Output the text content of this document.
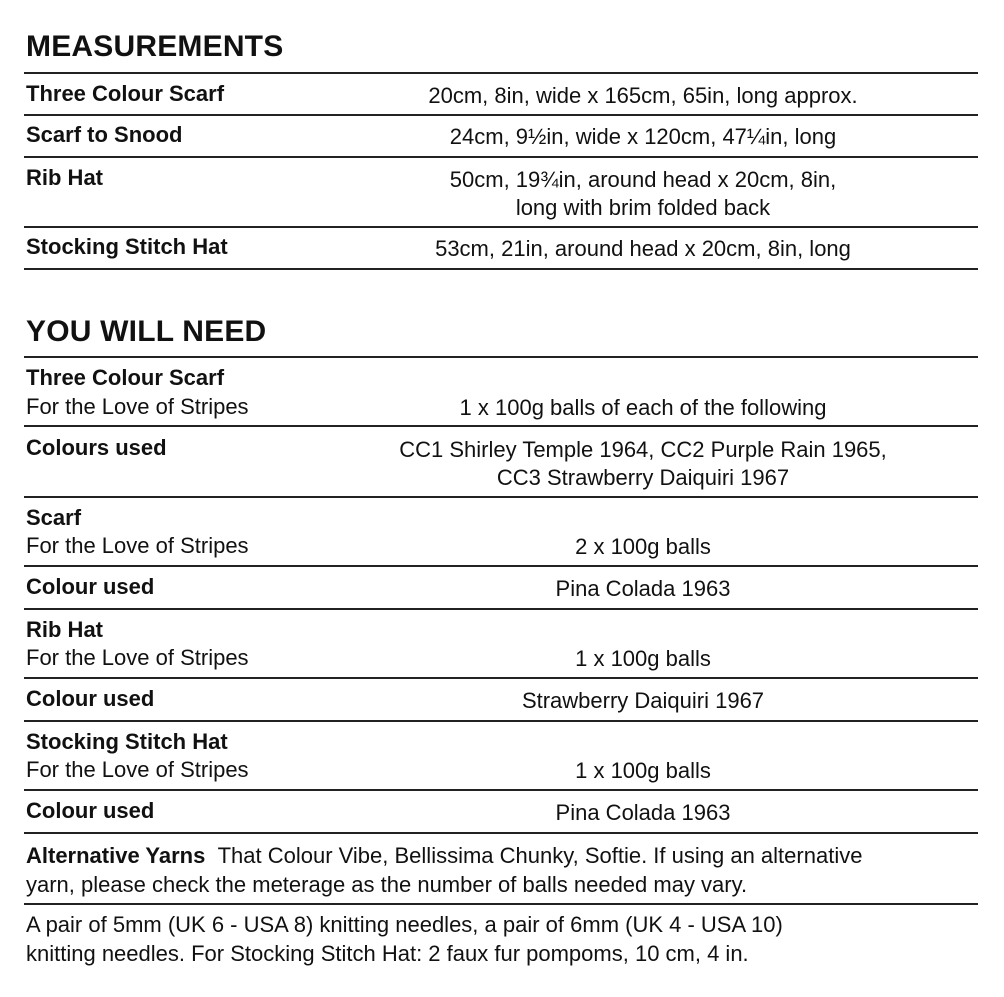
MEASUREMENTS
Three Colour Scarf	20cm, 8in, wide x 165cm, 65in, long approx.
Scarf to Snood	24cm, 9½in, wide x 120cm, 47¼in, long
Rib Hat	50cm, 19¾in, around head x 20cm, 8in,
long with brim folded back
Stocking Stitch Hat	53cm, 21in, around head x 20cm, 8in, long
YOU WILL NEED
Three Colour Scarf
For the Love of Stripes	1 x 100g balls of each of the following
Colours used	CC1 Shirley Temple 1964, CC2 Purple Rain 1965,
CC3 Strawberry Daiquiri 1967
Scarf
For the Love of Stripes	2 x 100g balls
Colour used	Pina Colada 1963
Rib Hat
For the Love of Stripes	1 x 100g balls
Colour used	Strawberry Daiquiri 1967
Stocking Stitch Hat
For the Love of Stripes	1 x 100g balls
Colour used	Pina Colada 1963
Alternative Yarns That Colour Vibe, Bellissima Chunky, Softie. If using an alternative
yarn, please check the meterage as the number of balls needed may vary.
A pair of 5mm (UK 6 - USA 8) knitting needles, a pair of 6mm (UK 4 - USA 10)
knitting needles. For Stocking Stitch Hat: 2 faux fur pompoms, 10 cm, 4 in.
